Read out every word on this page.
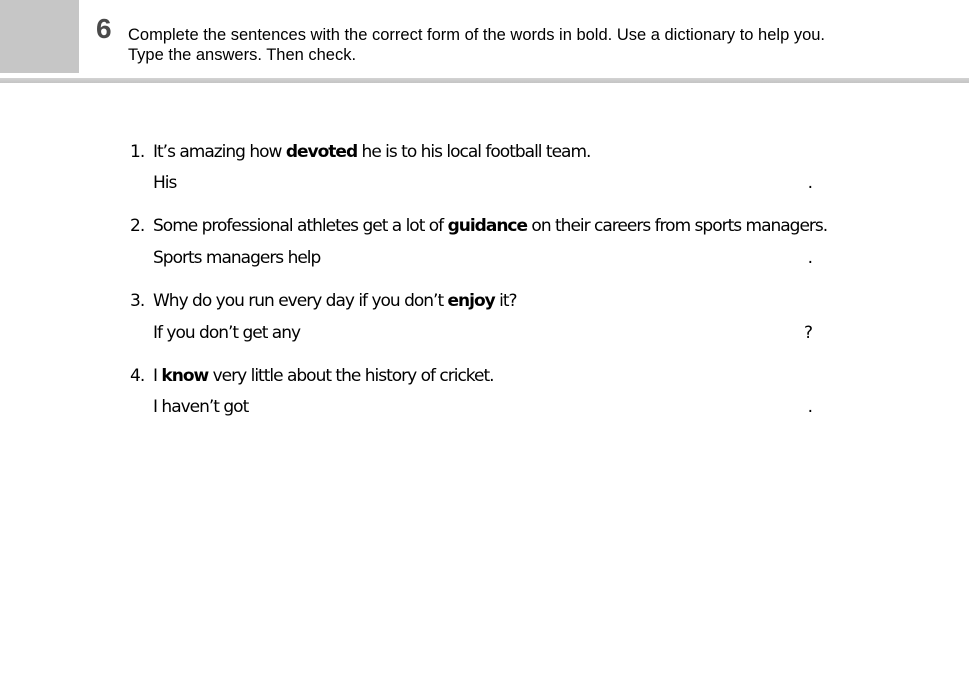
6 Complete the sentences with the correct form of the words in bold. Use a dictionary to help you.
Type the answers. Then check.
1. It’s amazing how devoted he is to his local football team.
His	.
2. Some professional athletes get a lot of guidance on their careers from sports managers.
Sports managers help	.
3. Why do you run every day if you don’t enjoy it?
If you don’t get any	?
4. I know very little about the history of cricket.
I haven’t got	.
